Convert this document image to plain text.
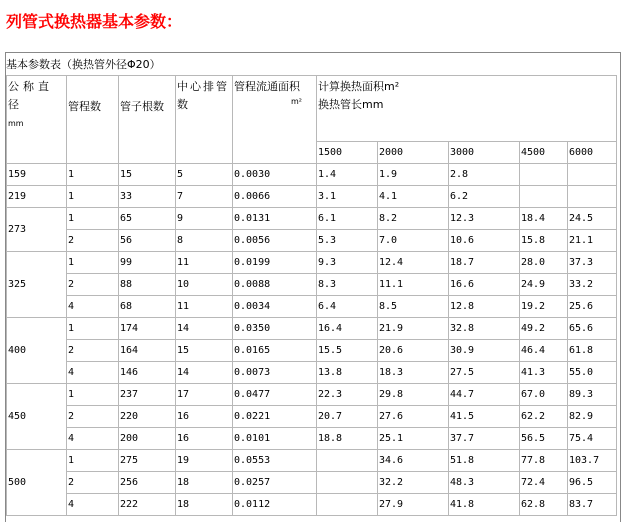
列管式换热器基本参数：
基本参数表（换热管外径Φ20）
公称直径
mm	管程数	管子根数	中心排管数	管程流通面积
m²	计算换热面积m²
换热管长mm				
					1500	2000	3000	4500	6000
159	1	15	5	0.0030	1.4	1.9	2.8		
219	1	33	7	0.0066	3.1	4.1	6.2		
273	1	65	9	0.0131	6.1	8.2	12.3	18.4	24.5
	2	56	8	0.0056	5.3	7.0	10.6	15.8	21.1
325	1	99	11	0.0199	9.3	12.4	18.7	28.0	37.3
	2	88	10	0.0088	8.3	11.1	16.6	24.9	33.2
	4	68	11	0.0034	6.4	8.5	12.8	19.2	25.6
400	1	174	14	0.0350	16.4	21.9	32.8	49.2	65.6
	2	164	15	0.0165	15.5	20.6	30.9	46.4	61.8
	4	146	14	0.0073	13.8	18.3	27.5	41.3	55.0
450	1	237	17	0.0477	22.3	29.8	44.7	67.0	89.3
	2	220	16	0.0221	20.7	27.6	41.5	62.2	82.9
	4	200	16	0.0101	18.8	25.1	37.7	56.5	75.4
500	1	275	19	0.0553		34.6	51.8	77.8	103.7
	2	256	18	0.0257		32.2	48.3	72.4	96.5
	4	222	18	0.0112		27.9	41.8	62.8	83.7
